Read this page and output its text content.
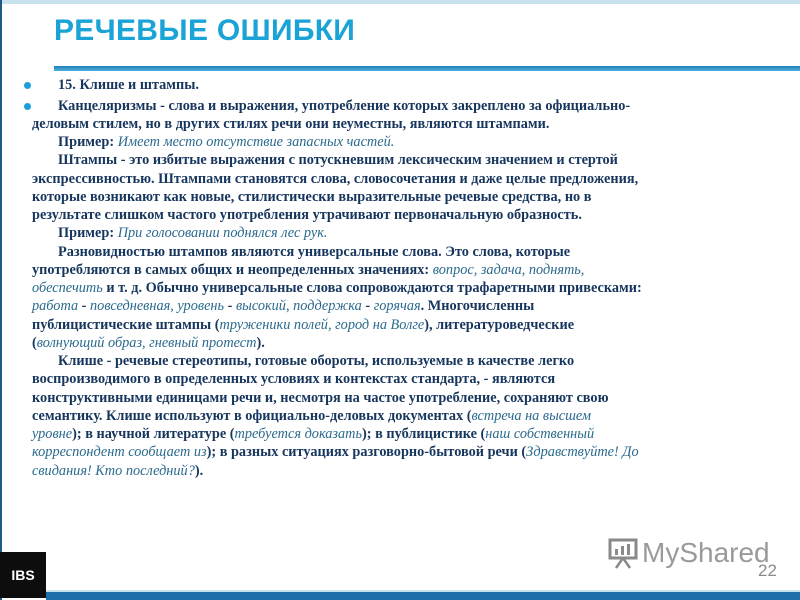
РЕЧЕВЫЕ ОШИБКИ
15. Клише и штампы.
Канцеляризмы - слова и выражения, употребление которых закреплено за официально-
деловым стилем, но в других стилях речи они неуместны, являются штампами.
Пример: Имеет место отсутствие запасных частей.
Штампы - это избитые выражения с потускневшим лексическим значением и стертой
экспрессивностью. Штампами становятся слова, словосочетания и даже целые предложения,
которые возникают как новые, стилистически выразительные речевые средства, но в
результате слишком частого употребления утрачивают первоначальную образность.
Пример: При голосовании поднялся лес рук.
Разновидностью штампов являются универсальные слова. Это слова, которые
употребляются в самых общих и неопределенных значениях: вопрос, задача, поднять,
обеспечить и т. д. Обычно универсальные слова сопровождаются трафаретными привесками:
работа - повседневная, уровень - высокий, поддержка - горячая. Многочисленны
публицистические штампы (труженики полей, город на Волге), литературоведческие
(волнующий образ, гневный протест).
Клише - речевые стереотипы, готовые обороты, используемые в качестве легко
воспроизводимого в определенных условиях и контекстах стандарта, - являются
конструктивными единицами речи и, несмотря на частое употребление, сохраняют свою
семантику. Клише используют в официально-деловых документах (встреча на высшем
уровне); в научной литературе (требуется доказать); в публицистике (наш собственный
корреспондент сообщает из); в разных ситуациях разговорно-бытовой речи (Здравствуйте! До
свидания! Кто последний?).
MyShared
22
IBS
